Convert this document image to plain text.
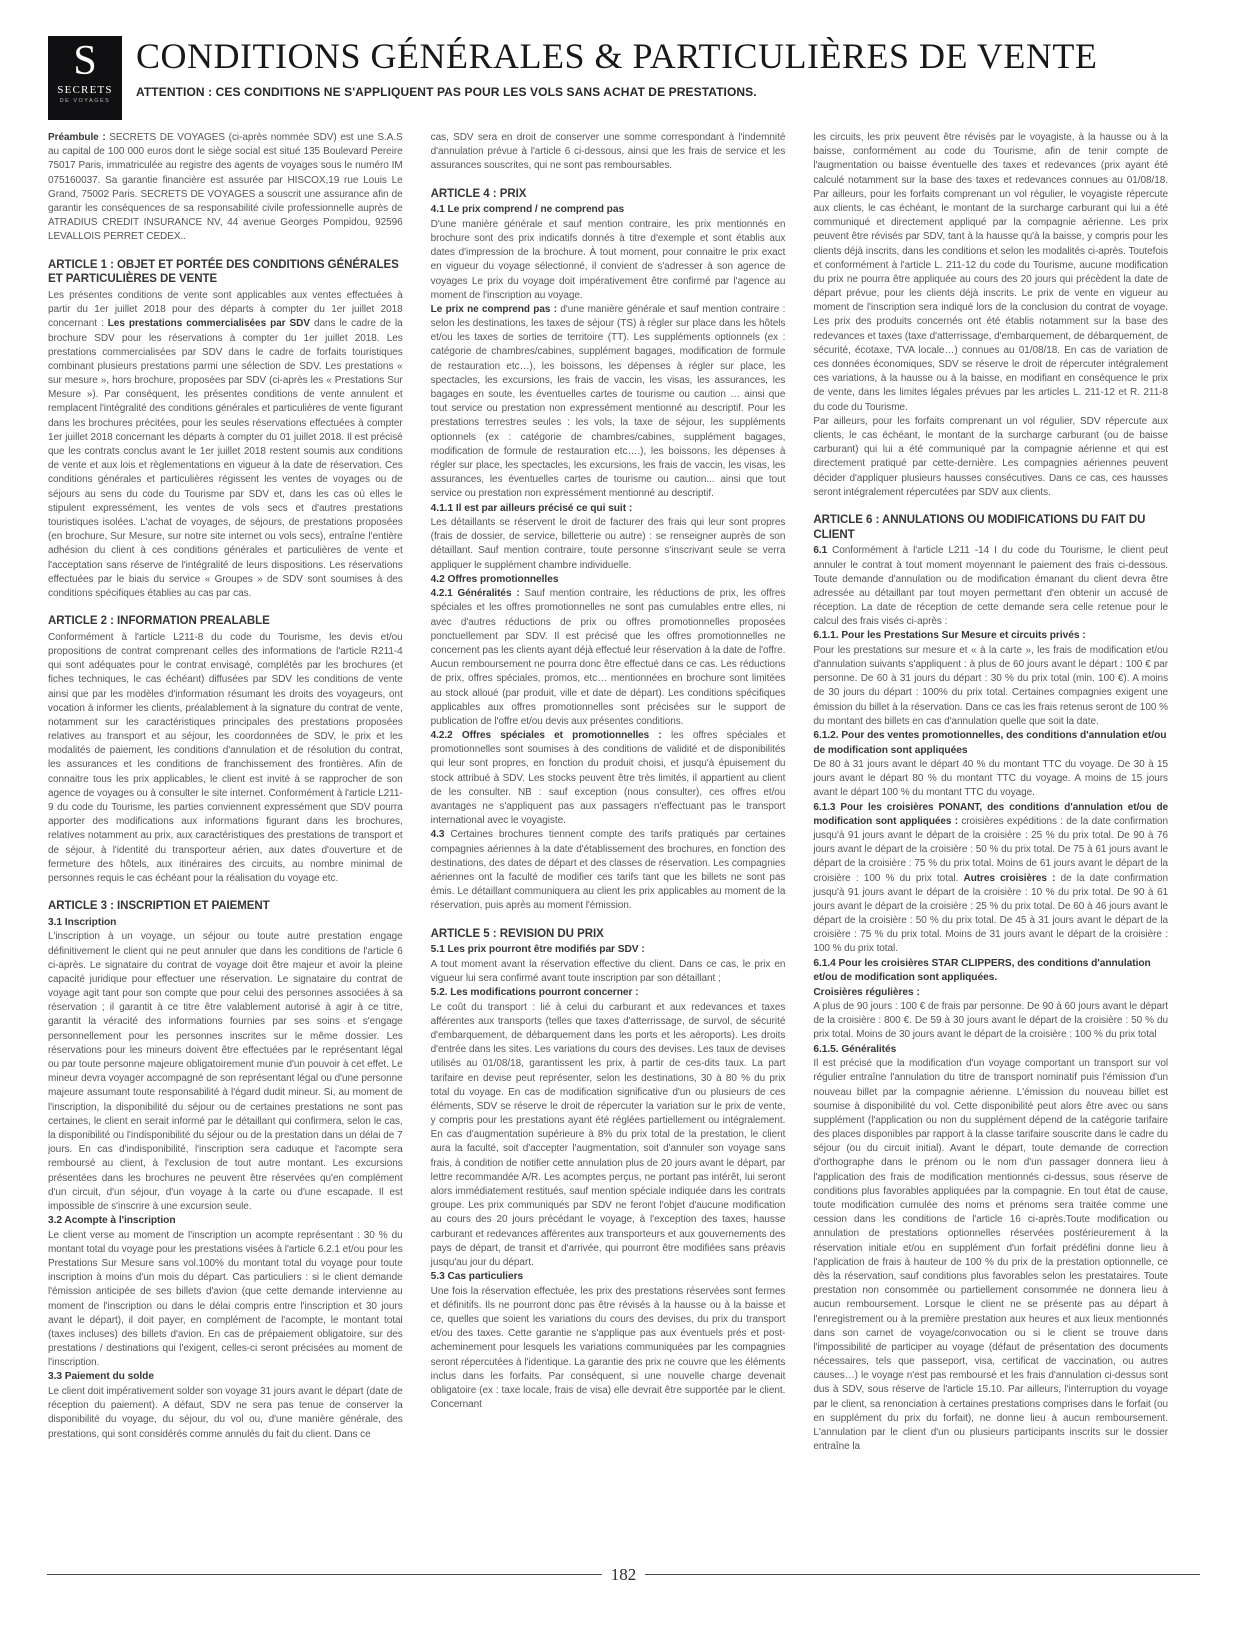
S
SECRETS
DE VOYAGES
CONDITIONS GÉNÉRALES & PARTICULIÈRES DE VENTE
ATTENTION : CES CONDITIONS NE S'APPLIQUENT PAS POUR LES VOLS SANS ACHAT DE PRESTATIONS.
Préambule : SECRETS DE VOYAGES (ci-après nommée SDV) est une S.A.S au capital de 100 000 euros dont le siège social est situé 135 Boulevard Pereire 75017 Paris, immatriculée au registre des agents de voyages sous le numéro IM 075160037. Sa garantie financière est assurée par HISCOX,19 rue Louis Le Grand, 75002 Paris. SECRETS DE VOYAGES a souscrit une assurance afin de garantir les conséquences de sa responsabilité civile professionnelle auprès de ATRADIUS CREDIT INSURANCE NV, 44 avenue Georges Pompidou, 92596 LEVALLOIS PERRET CEDEX..
ARTICLE 1 : OBJET ET PORTÉE DES CONDITIONS GÉNÉRALES ET PARTICULIÈRES DE VENTE
Les présentes conditions de vente sont applicables aux ventes effectuées à partir du 1er juillet 2018 pour des départs à compter du 1er juillet 2018 concernant : Les prestations commercialisées par SDV dans le cadre de la brochure SDV pour les réservations à compter du 1er juillet 2018. Les prestations commercialisées par SDV dans le cadre de forfaits touristiques combinant plusieurs prestations parmi une sélection de SDV. Les prestations « sur mesure », hors brochure, proposées par SDV (ci-après les « Prestations Sur Mesure »). Par conséquent, les présentes conditions de vente annulent et remplacent l'intégralité des conditions générales et particulières de vente figurant dans les brochures précitées, pour les seules réservations effectuées à compter 1er juillet 2018 concernant les départs à compter du 01 juillet 2018. Il est précisé que les contrats conclus avant le 1er juillet 2018 restent soumis aux conditions de vente et aux lois et règlementations en vigueur à la date de réservation. Ces conditions générales et particulières régissent les ventes de voyages ou de séjours au sens du code du Tourisme par SDV et, dans les cas où elles le stipulent expressément, les ventes de vols secs et d'autres prestations touristiques isolées. L'achat de voyages, de séjours, de prestations proposées (en brochure, Sur Mesure, sur notre site internet ou vols secs), entraîne l'entière adhésion du client à ces conditions générales et particulières de vente et l'acceptation sans réserve de l'intégralité de leurs dispositions. Les réservations effectuées par le biais du service « Groupes » de SDV sont soumises à des conditions spécifiques établies au cas par cas.
ARTICLE 2 : INFORMATION PREALABLE
Conformément à l'article L211-8 du code du Tourisme, les devis et/ou propositions de contrat comprenant celles des informations de l'article R211-4 qui sont adéquates pour le contrat envisagé, complétés par les brochures (et fiches techniques, le cas échéant) diffusées par SDV les conditions de vente ainsi que par les modèles d'information résumant les droits des voyageurs, ont vocation à informer les clients, préalablement à la signature du contrat de vente, notamment sur les caractéristiques principales des prestations proposées relatives au transport et au séjour, les coordonnées de SDV, le prix et les modalités de paiement, les conditions d'annulation et de résolution du contrat, les assurances et les conditions de franchissement des frontières. Afin de connaitre tous les prix applicables, le client est invité à se rapprocher de son agence de voyages ou à consulter le site internet. Conformément à l'article L211-9 du code du Tourisme, les parties conviennent expressément que SDV pourra apporter des modifications aux informations figurant dans les brochures, relatives notamment au prix, aux caractéristiques des prestations de transport et de séjour, à l'identité du transporteur aérien, aux dates d'ouverture et de fermeture des hôtels, aux itinéraires des circuits, au nombre minimal de personnes requis le cas échéant pour la réalisation du voyage etc.
ARTICLE 3 : INSCRIPTION ET PAIEMENT
3.1 Inscription
L'inscription à un voyage, un séjour ou toute autre prestation engage définitivement le client qui ne peut annuler que dans les conditions de l'article 6 ci-après. Le signataire du contrat de voyage doit être majeur et avoir la pleine capacité juridique pour effectuer une réservation. Le signataire du contrat de voyage agit tant pour son compte que pour celui des personnes associées à sa réservation ; il garantit à ce titre être valablement autorisé à agir à ce titre, garantit la véracité des informations fournies par ses soins et s'engage personnellement pour les personnes inscrites sur le même dossier. Les réservations pour les mineurs doivent être effectuées par le représentant légal ou par toute personne majeure obligatoirement munie d'un pouvoir à cet effet. Le mineur devra voyager accompagné de son représentant légal ou d'une personne majeure assumant toute responsabilité à l'égard dudit mineur. Si, au moment de l'inscription, la disponibilité du séjour ou de certaines prestations ne sont pas certaines, le client en serait informé par le détaillant qui confirmera, selon le cas, la disponibilité ou l'indisponibilité du séjour ou de la prestation dans un délai de 7 jours. En cas d'indisponibilité, l'inscription sera caduque et l'acompte sera remboursé au client, à l'exclusion de tout autre montant. Les excursions présentées dans les brochures ne peuvent être réservées qu'en complément d'un circuit, d'un séjour, d'un voyage à la carte ou d'une escapade. Il est impossible de s'inscrire à une excursion seule.
3.2 Acompte à l'inscription
Le client verse au moment de l'inscription un acompte représentant : 30 % du montant total du voyage pour les prestations visées à l'article 6.2.1 et/ou pour les Prestations Sur Mesure sans vol.100% du montant total du voyage pour toute inscription à moins d'un mois du départ. Cas particuliers : si le client demande l'émission anticipée de ses billets d'avion (que cette demande intervienne au moment de l'inscription ou dans le délai compris entre l'inscription et 30 jours avant le départ), il doit payer, en complément de l'acompte, le montant total (taxes incluses) des billets d'avion. En cas de prépaiement obligatoire, sur des prestations / destinations qui l'exigent, celles-ci seront précisées au moment de l'inscription.
3.3 Paiement du solde
Le client doit impérativement solder son voyage 31 jours avant le départ (date de réception du paiement). A défaut, SDV ne sera pas tenue de conserver la disponibilité du voyage, du séjour, du vol ou, d'une manière générale, des prestations, qui sont considérés comme annulés du fait du client. Dans ce
cas, SDV sera en droit de conserver une somme correspondant à l'indemnité d'annulation prévue à l'article 6 ci-dessous, ainsi que les frais de service et les assurances souscrites, qui ne sont pas remboursables.
ARTICLE 4 : PRIX
4.1 Le prix comprend / ne comprend pas
D'une manière générale et sauf mention contraire, les prix mentionnés en brochure sont des prix indicatifs donnés à titre d'exemple et sont établis aux dates d'impression de la brochure. À tout moment, pour connaitre le prix exact en vigueur du voyage sélectionné, il convient de s'adresser à son agence de voyages Le prix du voyage doit impérativement être confirmé par l'agence au moment de l'inscription au voyage.
Le prix ne comprend pas : d'une manière générale et sauf mention contraire : selon les destinations, les taxes de séjour (TS) à régler sur place dans les hôtels et/ou les taxes de sorties de territoire (TT). Les suppléments optionnels (ex : catégorie de chambres/cabines, supplément bagages, modification de formule de restauration etc…), les boissons, les dépenses à régler sur place, les spectacles, les excursions, les frais de vaccin, les visas, les assurances, les bagages en soute, les éventuelles cartes de tourisme ou caution … ainsi que tout service ou prestation non expressément mentionné au descriptif. Pour les prestations terrestres seules : les vols, la taxe de séjour, les suppléments optionnels (ex : catégorie de chambres/cabines, supplément bagages, modification de formule de restauration etc….), les boissons, les dépenses à régler sur place, les spectacles, les excursions, les frais de vaccin, les visas, les assurances, les éventuelles cartes de tourisme ou caution... ainsi que tout service ou prestation non expressément mentionné au descriptif.
4.1.1 Il est par ailleurs précisé ce qui suit :
Les détaillants se réservent le droit de facturer des frais qui leur sont propres (frais de dossier, de service, billetterie ou autre) : se renseigner auprès de son détaillant. Sauf mention contraire, toute personne s'inscrivant seule se verra appliquer le supplément chambre individuelle.
4.2 Offres promotionnelles
4.2.1 Généralités : Sauf mention contraire, les réductions de prix, les offres spéciales et les offres promotionnelles ne sont pas cumulables entre elles, ni avec d'autres réductions de prix ou offres promotionnelles proposées ponctuellement par SDV. Il est précisé que les offres promotionnelles ne concernent pas les clients ayant déjà effectué leur réservation à la date de l'offre. Aucun remboursement ne pourra donc être effectué dans ce cas. Les réductions de prix, offres spéciales, promos, etc… mentionnées en brochure sont limitées au stock alloué (par produit, ville et date de départ). Les conditions spécifiques applicables aux offres promotionnelles sont précisées sur le support de publication de l'offre et/ou devis aux présentes conditions.
4.2.2 Offres spéciales et promotionnelles : les offres spéciales et promotionnelles sont soumises à des conditions de validité et de disponibilités qui leur sont propres, en fonction du produit choisi, et jusqu'à épuisement du stock attribué à SDV. Les stocks peuvent être très limités, il appartient au client de les consulter. NB : sauf exception (nous consulter), ces offres et/ou avantages ne s'appliquent pas aux passagers n'effectuant pas le transport international avec le voyagiste.
4.3 Certaines brochures tiennent compte des tarifs pratiqués par certaines compagnies aériennes à la date d'établissement des brochures, en fonction des destinations, des dates de départ et des classes de réservation. Les compagnies aériennes ont la faculté de modifier ces tarifs tant que les billets ne sont pas émis. Le détaillant communiquera au client les prix applicables au moment de la réservation, puis après au moment l'émission.
ARTICLE 5 : REVISION DU PRIX
5.1 Les prix pourront être modifiés par SDV :
A tout moment avant la réservation effective du client. Dans ce cas, le prix en vigueur lui sera confirmé avant toute inscription par son détaillant ;
5.2. Les modifications pourront concerner :
Le coût du transport : lié à celui du carburant et aux redevances et taxes afférentes aux transports (telles que taxes d'atterrissage, de survol, de sécurité d'embarquement, de débarquement dans les ports et les aéroports). Les droits d'entrée dans les sites. Les variations du cours des devises. Les taux de devises utilisés au 01/08/18, garantissent les prix, à partir de ces-dits taux. La part tarifaire en devise peut représenter, selon les destinations, 30 à 80 % du prix total du voyage. En cas de modification significative d'un ou plusieurs de ces éléments, SDV se réserve le droit de répercuter la variation sur le prix de vente, y compris pour les prestations ayant été réglées partiellement ou intégralement. En cas d'augmentation supérieure à 8% du prix total de la prestation, le client aura la faculté, soit d'accepter l'augmentation, soit d'annuler son voyage sans frais, à condition de notifier cette annulation plus de 20 jours avant le départ, par lettre recommandée A/R. Les acomptes perçus, ne portant pas intérêt, lui seront alors immédiatement restitués, sauf mention spéciale indiquée dans les contrats groupe. Les prix communiqués par SDV ne feront l'objet d'aucune modification au cours des 20 jours précédant le voyage, à l'exception des taxes, hausse carburant et redevances afférentes aux transporteurs et aux gouvernements des pays de départ, de transit et d'arrivée, qui pourront être modifiées sans préavis jusqu'au jour du départ.
5.3 Cas particuliers
Une fois la réservation effectuée, les prix des prestations réservées sont fermes et définitifs. Ils ne pourront donc pas être révisés à la hausse ou à la baisse et ce, quelles que soient les variations du cours des devises, du prix du transport et/ou des taxes. Cette garantie ne s'applique pas aux éventuels prés et post-acheminement pour lesquels les variations communiquées par les compagnies seront répercutées à l'identique. La garantie des prix ne couvre que les éléments inclus dans les forfaits. Par conséquent, si une nouvelle charge devenait obligatoire (ex : taxe locale, frais de visa) elle devrait être supportée par le client. Concernant
les circuits, les prix peuvent être révisés par le voyagiste, à la hausse ou à la baisse, conformément au code du Tourisme, afin de tenir compte de l'augmentation ou baisse éventuelle des taxes et redevances (prix ayant été calculé notamment sur la base des taxes et redevances connues au 01/08/18. Par ailleurs, pour les forfaits comprenant un vol régulier, le voyagiste répercute aux clients, le cas échéant, le montant de la surcharge carburant qui lui a été communiqué et directement appliqué par la compagnie aérienne. Les prix peuvent être révisés par SDV, tant à la hausse qu'à la baisse, y compris pour les clients déjà inscrits, dans les conditions et selon les modalités ci-après. Toutefois et conformément à l'article L. 211-12 du code du Tourisme, aucune modification du prix ne pourra être appliquée au cours des 20 jours qui précèdent la date de départ prévue, pour les clients déjà inscrits. Le prix de vente en vigueur au moment de l'inscription sera indiqué lors de la conclusion du contrat de voyage. Les prix des produits concernés ont été établis notamment sur la base des redevances et taxes (taxe d'atterrissage, d'embarquement, de débarquement, de sécurité, écotaxe, TVA locale…) connues au 01/08/18. En cas de variation de ces données économiques, SDV se réserve le droit de répercuter intégralement ces variations, à la hausse ou à la baisse, en modifiant en conséquence le prix de vente, dans les limites légales prévues par les articles L. 211-12 et R. 211-8 du code du Tourisme.
Par ailleurs, pour les forfaits comprenant un vol régulier, SDV répercute aux clients, le cas échéant, le montant de la surcharge carburant (ou de baisse carburant) qui lui a été communiqué par la compagnie aérienne et qui est directement pratiqué par cette-dernière. Les compagnies aériennes peuvent décider d'appliquer plusieurs hausses consécutives. Dans ce cas, ces hausses seront intégralement répercutées par SDV aux clients.
ARTICLE 6 : ANNULATIONS OU MODIFICATIONS DU FAIT DU CLIENT
6.1 Conformément à l'article L211 -14 I du code du Tourisme, le client peut annuler le contrat à tout moment moyennant le paiement des frais ci-dessous. Toute demande d'annulation ou de modification émanant du client devra être adressée au détaillant par tout moyen permettant d'en obtenir un accusé de réception. La date de réception de cette demande sera celle retenue pour le calcul des frais visés ci-après :
6.1.1. Pour les Prestations Sur Mesure et circuits privés :
Pour les prestations sur mesure et « à la carte », les frais de modification et/ou d'annulation suivants s'appliquent : à plus de 60 jours avant le départ : 100 € par personne. De 60 à 31 jours du départ : 30 % du prix total (min. 100 €). A moins de 30 jours du départ : 100% du prix total. Certaines compagnies exigent une émission du billet à la réservation. Dans ce cas les frais retenus seront de 100 % du montant des billets en cas d'annulation quelle que soit la date.
6.1.2. Pour des ventes promotionnelles, des conditions d'annulation et/ou de modification sont appliquées
De 80 à 31 jours avant le départ 40 % du montant TTC du voyage. De 30 à 15 jours avant le départ 80 % du montant TTC du voyage. A moins de 15 jours avant le départ 100 % du montant TTC du voyage.
6.1.3 Pour les croisières PONANT, des conditions d'annulation et/ou de modification sont appliquées : croisières expéditions : de la date confirmation jusqu'à 91 jours avant le départ de la croisière : 25 % du prix total. De 90 à 76 jours avant le départ de la croisière : 50 % du prix total. De 75 à 61 jours avant le départ de la croisière : 75 % du prix total. Moins de 61 jours avant le départ de la croisière : 100 % du prix total. Autres croisières : de la date confirmation jusqu'à 91 jours avant le départ de la croisière : 10 % du prix total. De 90 à 61 jours avant le départ de la croisière : 25 % du prix total. De 60 à 46 jours avant le départ de la croisière : 50 % du prix total. De 45 à 31 jours avant le départ de la croisière : 75 % du prix total. Moins de 31 jours avant le départ de la croisière : 100 % du prix total.
6.1.4 Pour les croisières STAR CLIPPERS, des conditions d'annulation et/ou de modification sont appliquées.
Croisières régulières :
A plus de 90 jours : 100 € de frais par personne. De 90 à 60 jours avant le départ de la croisière : 800 €. De 59 à 30 jours avant le départ de la croisière : 50 % du prix total. Moins de 30 jours avant le départ de la croisière : 100 % du prix total
6.1.5. Généralités
Il est précisé que la modification d'un voyage comportant un transport sur vol régulier entraîne l'annulation du titre de transport nominatif puis l'émission d'un nouveau billet par la compagnie aérienne. L'émission du nouveau billet est soumise à disponibilité du vol. Cette disponibilité peut alors être avec ou sans supplément (l'application ou non du supplément dépend de la catégorie tarifaire des places disponibles par rapport à la classe tarifaire souscrite dans le cadre du séjour (ou du circuit initial). Avant le départ, toute demande de correction d'orthographe dans le prénom ou le nom d'un passager donnera lieu à l'application des frais de modification mentionnés ci-dessus, sous réserve de conditions plus favorables appliquées par la compagnie. En tout état de cause, toute modification cumulée des noms et prénoms sera traitée comme une cession dans les conditions de l'article 16 ci-après.Toute modification ou annulation de prestations optionnelles réservées postérieurement à la réservation initiale et/ou en supplément d'un forfait prédéfini donne lieu à l'application de frais à hauteur de 100 % du prix de la prestation optionnelle, ce dès la réservation, sauf conditions plus favorables selon les prestataires. Toute prestation non consommée ou partiellement consommée ne donnera lieu à aucun remboursement. Lorsque le client ne se présente pas au départ à l'enregistrement ou à la première prestation aux heures et aux lieux mentionnés dans son carnet de voyage/convocation ou si le client se trouve dans l'impossibilité de participer au voyage (défaut de présentation des documents nécessaires, tels que passeport, visa, certificat de vaccination, ou autres causes…) le voyage n'est pas remboursé et les frais d'annulation ci-dessus sont dus à SDV, sous réserve de l'article 15.10. Par ailleurs, l'interruption du voyage par le client, sa renonciation à certaines prestations comprises dans le forfait (ou en supplément du prix du forfait), ne donne lieu à aucun remboursement. L'annulation par le client d'un ou plusieurs participants inscrits sur le dossier entraîne la
182
